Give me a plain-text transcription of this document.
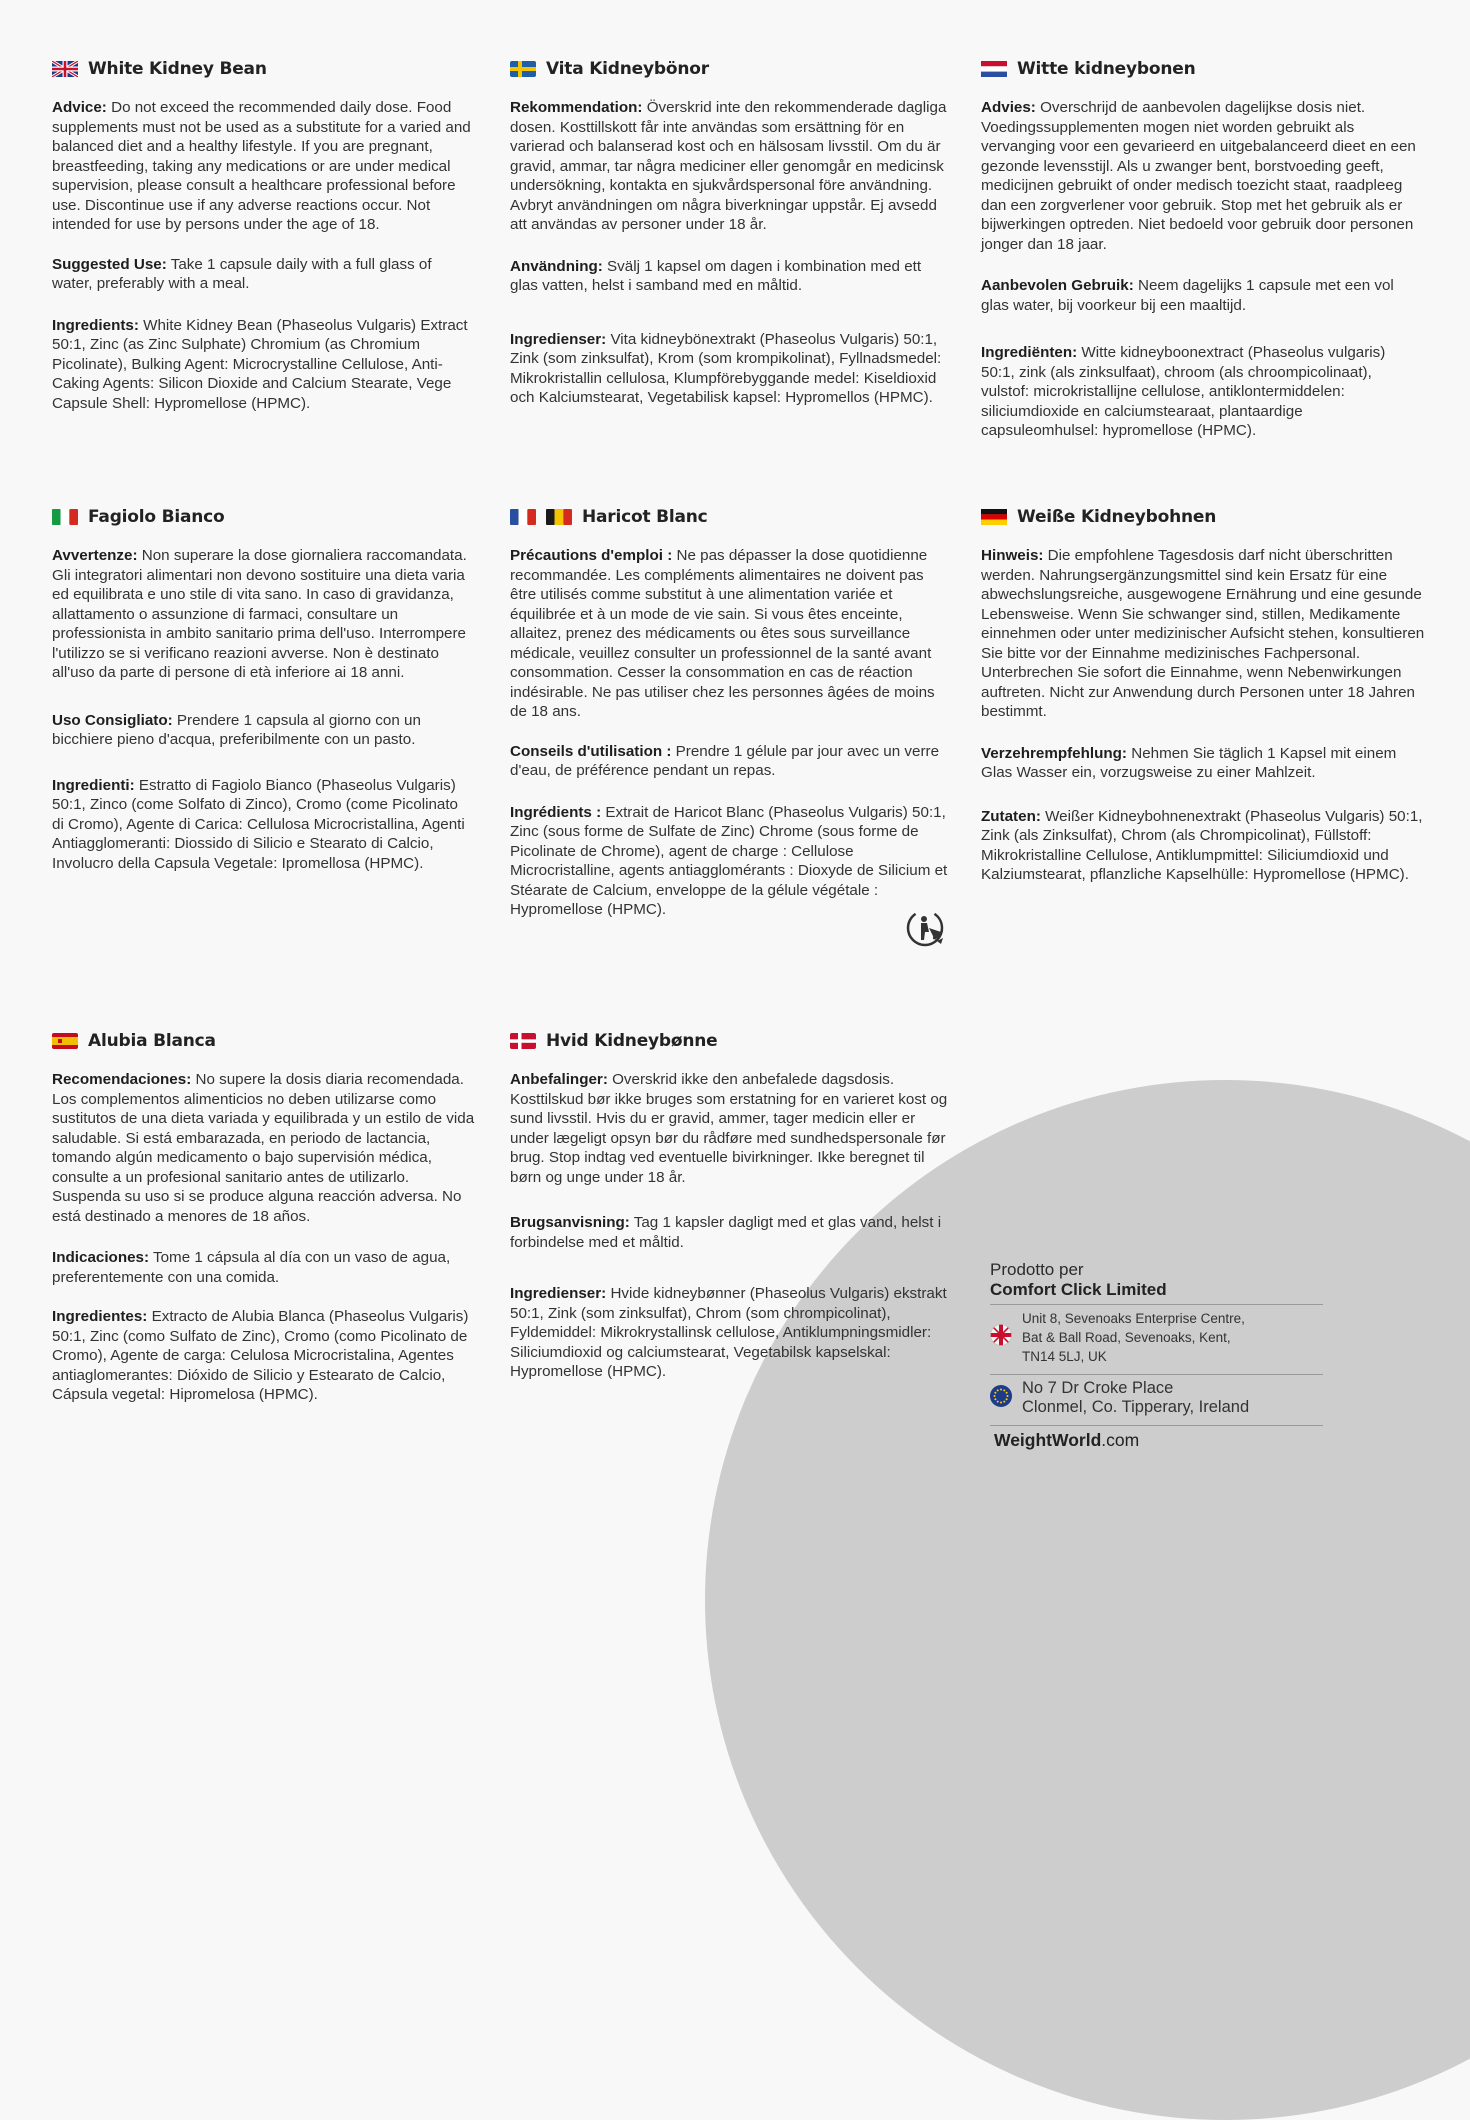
White Kidney Bean

Advice: Do not exceed the recommended daily dose. Food supplements must not be used as a substitute for a varied and balanced diet and a healthy lifestyle. If you are pregnant, breastfeeding, taking any medications or are under medical supervision, please consult a healthcare professional before use. Discontinue use if any adverse reactions occur. Not intended for use by persons under the age of 18.

Suggested Use: Take 1 capsule daily with a full glass of water, preferably with a meal.

Ingredients: White Kidney Bean (Phaseolus Vulgaris) Extract 50:1, Zinc (as Zinc Sulphate) Chromium (as Chromium Picolinate), Bulking Agent: Microcrystalline Cellulose, Anti-Caking Agents: Silicon Dioxide and Calcium Stearate, Vege Capsule Shell: Hypromellose (HPMC).

Vita Kidneybönor

Rekommendation: Överskrid inte den rekommenderade dagliga dosen. Kosttillskott får inte användas som ersättning för en varierad och balanserad kost och en hälsosam livsstil. Om du är gravid, ammar, tar några mediciner eller genomgår en medicinsk undersökning, kontakta en sjukvårdspersonal före användning. Avbryt användningen om några biverkningar uppstår. Ej avsedd att användas av personer under 18 år.

Användning: Svälj 1 kapsel om dagen i kombination med ett glas vatten, helst i samband med en måltid.

Ingredienser: Vita kidneybönextrakt (Phaseolus Vulgaris) 50:1, Zink (som zinksulfat), Krom (som krompikolinat), Fyllnadsmedel: Mikrokristallin cellulosa, Klumpförebyggande medel: Kiseldioxid och Kalciumstearat, Vegetabilisk kapsel: Hypromellos (HPMC).

Witte kidneybonen

Advies: Overschrijd de aanbevolen dagelijkse dosis niet. Voedingssupplementen mogen niet worden gebruikt als vervanging voor een gevarieerd en uitgebalanceerd dieet en een gezonde levensstijl. Als u zwanger bent, borstvoeding geeft, medicijnen gebruikt of onder medisch toezicht staat, raadpleeg dan een zorgverlener voor gebruik. Stop met het gebruik als er bijwerkingen optreden. Niet bedoeld voor gebruik door personen jonger dan 18 jaar.

Aanbevolen Gebruik: Neem dagelijks 1 capsule met een vol glas water, bij voorkeur bij een maaltijd.

Ingrediënten: Witte kidneyboonextract (Phaseolus vulgaris) 50:1, zink (als zinksulfaat), chroom (als chroompicolinaat), vulstof: microkristallijne cellulose, antiklontermiddelen: siliciumdioxide en calciumstearaat, plantaardige capsuleomhulsel: hypromellose (HPMC).

Fagiolo Bianco

Avvertenze: Non superare la dose giornaliera raccomandata. Gli integratori alimentari non devono sostituire una dieta varia ed equilibrata e uno stile di vita sano. In caso di gravidanza, allattamento o assunzione di farmaci, consultare un professionista in ambito sanitario prima dell'uso. Interrompere l'utilizzo se si verificano reazioni avverse. Non è destinato all'uso da parte di persone di età inferiore ai 18 anni.

Uso Consigliato: Prendere 1 capsula al giorno con un bicchiere pieno d'acqua, preferibilmente con un pasto.

Ingredienti: Estratto di Fagiolo Bianco (Phaseolus Vulgaris) 50:1, Zinco (come Solfato di Zinco), Cromo (come Picolinato di Cromo), Agente di Carica: Cellulosa Microcristallina, Agenti Antiagglomeranti: Diossido di Silicio e Stearato di Calcio, Involucro della Capsula Vegetale: Ipromellosa (HPMC).

Haricot Blanc

Précautions d'emploi : Ne pas dépasser la dose quotidienne recommandée. Les compléments alimentaires ne doivent pas être utilisés comme substitut à une alimentation variée et équilibrée et à un mode de vie sain. Si vous êtes enceinte, allaitez, prenez des médicaments ou êtes sous surveillance médicale, veuillez consulter un professionnel de la santé avant consommation. Cesser la consommation en cas de réaction indésirable. Ne pas utiliser chez les personnes âgées de moins de 18 ans.

Conseils d'utilisation : Prendre 1 gélule par jour avec un verre d'eau, de préférence pendant un repas.

Ingrédients : Extrait de Haricot Blanc (Phaseolus Vulgaris) 50:1, Zinc (sous forme de Sulfate de Zinc) Chrome (sous forme de Picolinate de Chrome), agent de charge : Cellulose Microcristalline, agents antiagglomérants : Dioxyde de Silicium et Stéarate de Calcium, enveloppe de la gélule végétale : Hypromellose (HPMC).

Weiße Kidneybohnen

Hinweis: Die empfohlene Tagesdosis darf nicht überschritten werden. Nahrungsergänzungsmittel sind kein Ersatz für eine abwechslungsreiche, ausgewogene Ernährung und eine gesunde Lebensweise. Wenn Sie schwanger sind, stillen, Medikamente einnehmen oder unter medizinischer Aufsicht stehen, konsultieren Sie bitte vor der Einnahme medizinisches Fachpersonal. Unterbrechen Sie sofort die Einnahme, wenn Nebenwirkungen auftreten. Nicht zur Anwendung durch Personen unter 18 Jahren bestimmt.

Verzehrempfehlung: Nehmen Sie täglich 1 Kapsel mit einem Glas Wasser ein, vorzugsweise zu einer Mahlzeit.

Zutaten: Weißer Kidneybohnenextrakt (Phaseolus Vulgaris) 50:1, Zink (als Zinksulfat), Chrom (als Chrompicolinat), Füllstoff: Mikrokristalline Cellulose, Antiklumpmittel: Siliciumdioxid und Kalziumstearat, pflanzliche Kapselhülle: Hypromellose (HPMC).

Alubia Blanca

Recomendaciones: No supere la dosis diaria recomendada. Los complementos alimenticios no deben utilizarse como sustitutos de una dieta variada y equilibrada y un estilo de vida saludable. Si está embarazada, en periodo de lactancia, tomando algún medicamento o bajo supervisión médica, consulte a un profesional sanitario antes de utilizarlo. Suspenda su uso si se produce alguna reacción adversa. No está destinado a menores de 18 años.

Indicaciones: Tome 1 cápsula al día con un vaso de agua, preferentemente con una comida.

Ingredientes: Extracto de Alubia Blanca (Phaseolus Vulgaris) 50:1, Zinc (como Sulfato de Zinc), Cromo (como Picolinato de Cromo), Agente de carga: Celulosa Microcristalina, Agentes antiaglomerantes: Dióxido de Silicio y Estearato de Calcio, Cápsula vegetal: Hipromelosa (HPMC).

Hvid Kidneybønne

Anbefalinger: Overskrid ikke den anbefalede dagsdosis. Kosttilskud bør ikke bruges som erstatning for en varieret kost og sund livsstil. Hvis du er gravid, ammer, tager medicin eller er under lægeligt opsyn bør du rådføre med sundhedspersonale før brug. Stop indtag ved eventuelle bivirkninger. Ikke beregnet til børn og unge under 18 år.

Brugsanvisning: Tag 1 kapsler dagligt med et glas vand, helst i forbindelse med et måltid.

Ingredienser: Hvide kidneybønner (Phaseolus Vulgaris) ekstrakt 50:1, Zink (som zinksulfat), Chrom (som chrompicolinat), Fyldemiddel: Mikrokrystallinsk cellulose, Antiklumpningsmidler: Siliciumdioxid og calciumstearat, Vegetabilsk kapselskal: Hypromellose (HPMC).

Prodotto per
Comfort Click Limited
Unit 8, Sevenoaks Enterprise Centre,
Bat & Ball Road, Sevenoaks, Kent,
TN14 5LJ, UK
No 7 Dr Croke Place
Clonmel, Co. Tipperary, Ireland
WeightWorld.com
